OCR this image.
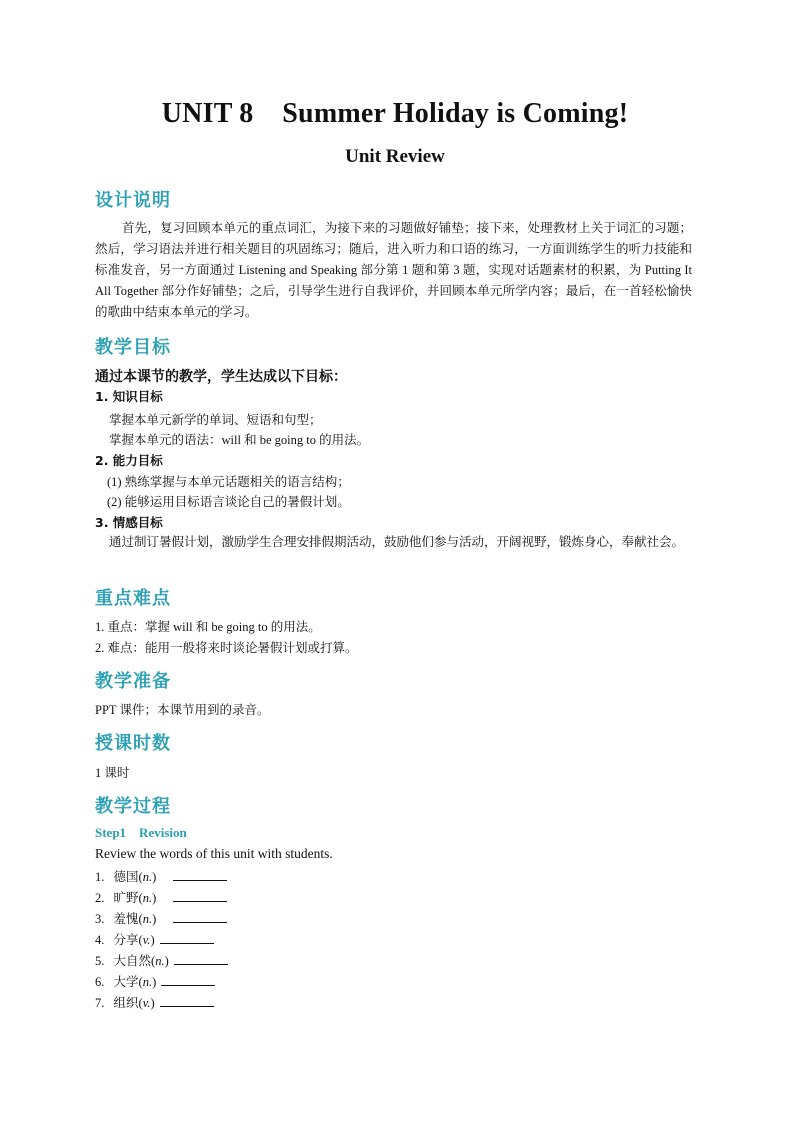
UNIT 8    Summer Holiday is Coming!
Unit Review
设计说明
首先，复习回顾本单元的重点词汇，为接下来的习题做好铺垫；接下来，处理教材上关于词汇的习题；然后，学习语法并进行相关题目的巩固练习；随后，进入听力和口语的练习，一方面训练学生的听力技能和标准发音，另一方面通过 Listening and Speaking 部分第 1 题和第 3 题，实现对话题素材的积累，为 Putting It All Together 部分作好铺垫；之后，引导学生进行自我评价，并回顾本单元所学内容；最后，在一首轻松愉快的歌曲中结束本单元的学习。
教学目标
通过本课节的教学，学生达成以下目标：
1. 知识目标
掌握本单元新学的单词、短语和句型；
掌握本单元的语法：will 和 be going to 的用法。
2. 能力目标
(1) 熟练掌握与本单元话题相关的语言结构；
(2) 能够运用目标语言谈论自己的暑假计划。
3. 情感目标
通过制订暑假计划，激励学生合理安排假期活动，鼓励他们参与活动，开阔视野，锻炼身心，奉献社会。
重点难点
1. 重点：掌握 will 和 be going to 的用法。
2. 难点：能用一般将来时谈论暑假计划或打算。
教学准备
PPT 课件；本课节用到的录音。
授课时数
1 课时
教学过程
Step1    Revision
Review the words of this unit with students.
1. 德国(n.)
2. 旷野(n.)
3. 羞愧(n.)
4. 分享(v.)
5. 大自然(n.)
6. 大学(n.)
7. 组织(v.)
